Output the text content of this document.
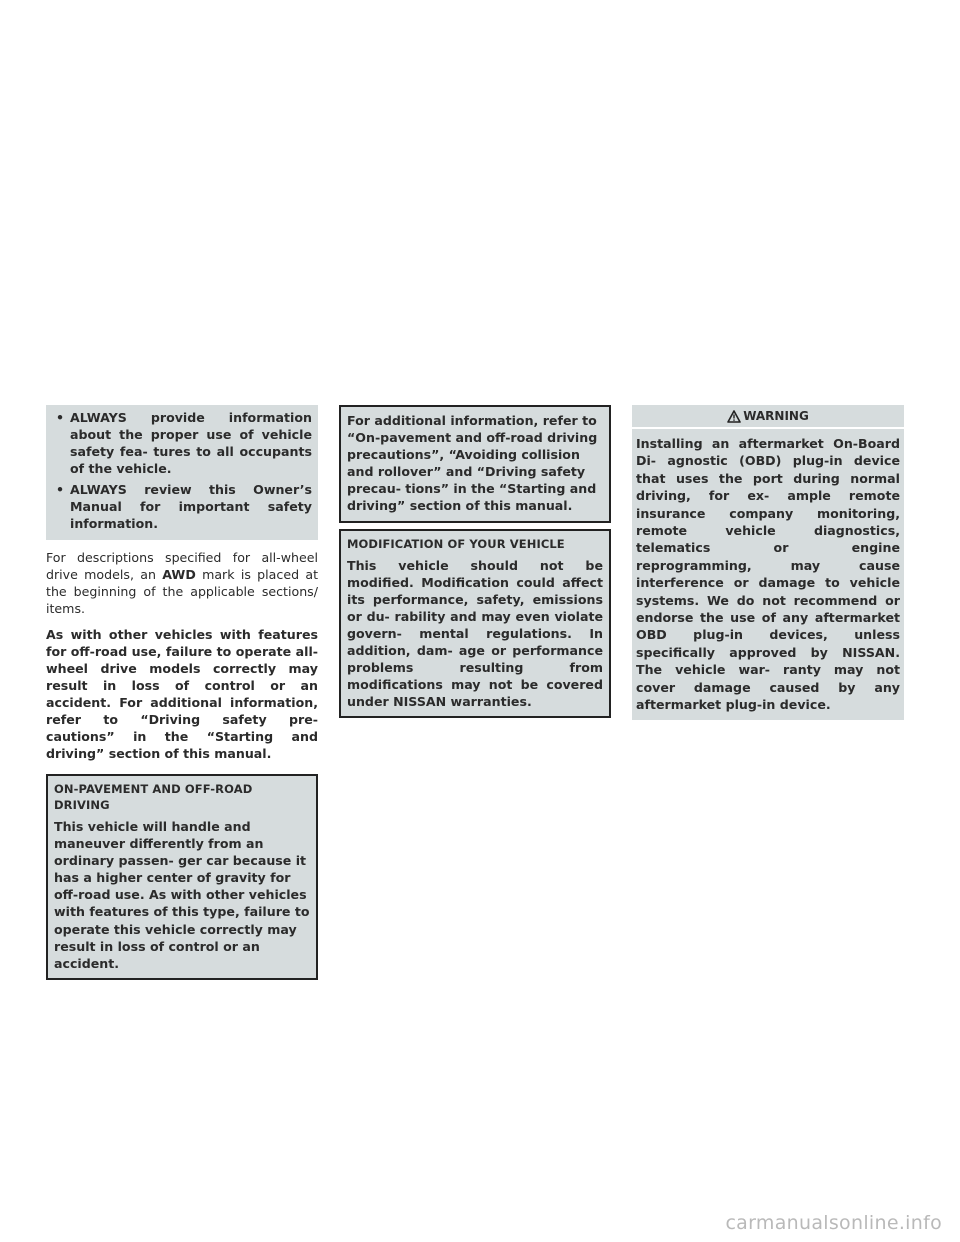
• ALWAYS provide information about the proper use of vehicle safety fea- tures to all occupants of the vehicle.
• ALWAYS review this Owner’s Manual for important safety information.

For descriptions specified for all-wheel drive models, an AWD mark is placed at the beginning of the applicable sections/ items.

As with other vehicles with features for off-road use, failure to operate all-wheel drive models correctly may result in loss of control or an accident. For additional information, refer to “Driving safety pre- cautions” in the “Starting and driving” section of this manual.

ON-PAVEMENT AND OFF-ROAD DRIVING

This vehicle will handle and maneuver differently from an ordinary passen- ger car because it has a higher center of gravity for off-road use. As with other vehicles with features of this type, failure to operate this vehicle correctly may result in loss of control or an accident.

For additional information, refer to “On-pavement and off-road driving precautions”, “Avoiding collision and rollover” and “Driving safety precau- tions” in the “Starting and driving” section of this manual.

MODIFICATION OF YOUR VEHICLE

This vehicle should not be modified. Modification could affect its performance, safety, emissions or du- rability and may even violate govern- mental regulations. In addition, dam- age or performance problems resulting from modifications may not be covered under NISSAN warranties.

WARNING

Installing an aftermarket On-Board Di- agnostic (OBD) plug-in device that uses the port during normal driving, for ex- ample remote insurance company monitoring, remote vehicle diagnostics, telematics or engine reprogramming, may cause interference or damage to vehicle systems. We do not recommend or endorse the use of any aftermarket OBD plug-in devices, unless specifically approved by NISSAN. The vehicle war- ranty may not cover damage caused by any aftermarket plug-in device.

carmanualsonline.info
